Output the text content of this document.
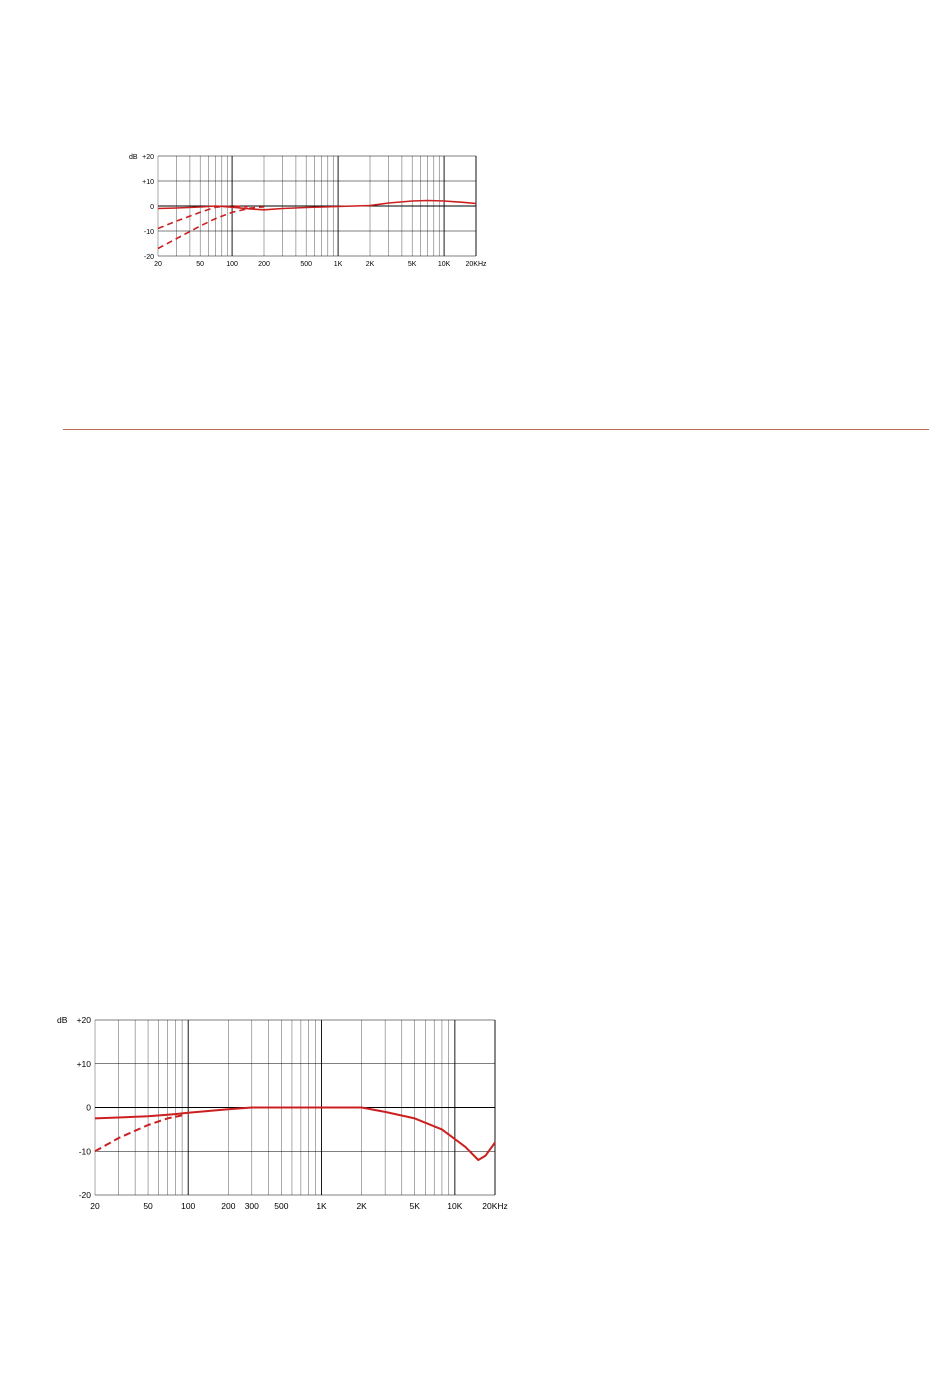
+20
+10
0
-10
-20
dB
20	50	100	200	500	1K	2K	5K	10K 20KHz
+20
+10
0
-10
-20
dB
20	50	100	200 300 500	1K	2K	5K	10K 20KHz
